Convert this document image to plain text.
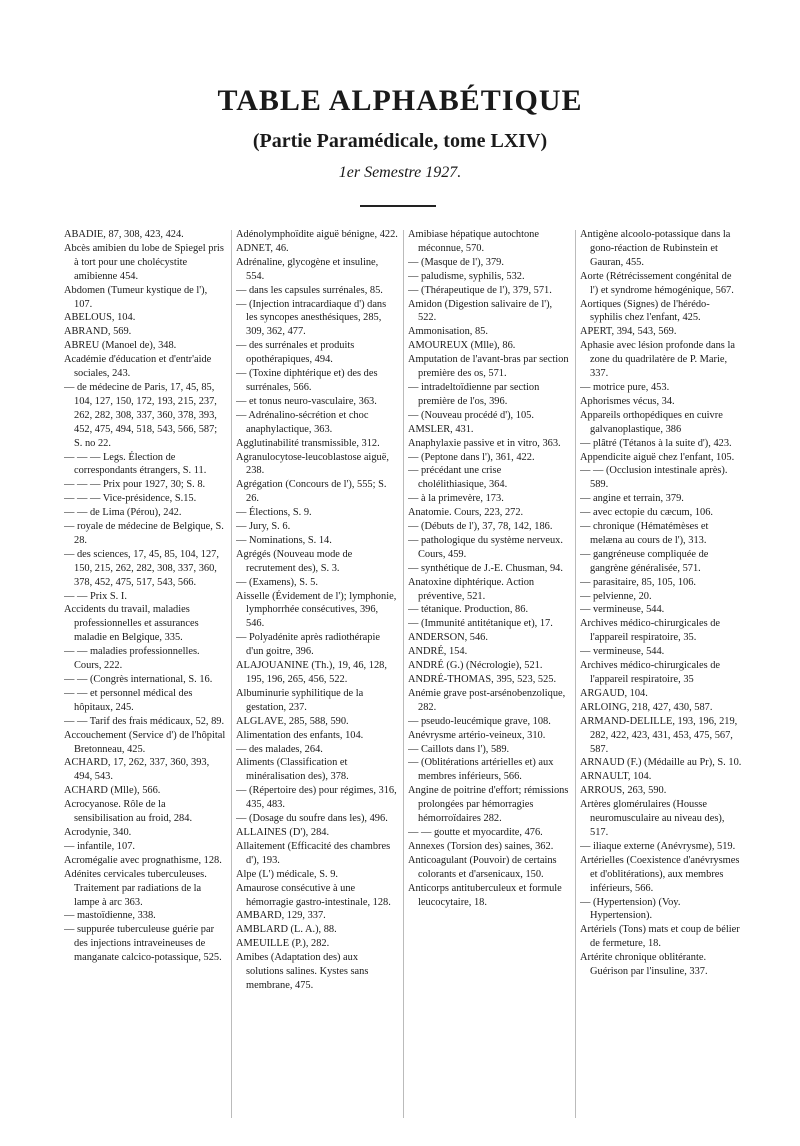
TABLE ALPHABÉTIQUE
(Partie Paramédicale, tome LXIV)
1er Semestre 1927.

ABADIE, 87, 308, 423, 424.

Abcès amibien du lobe de Spiegel pris à tort pour une cholécystite amibienne 454.

Abdomen (Tumeur kystique de l'), 107.

ABELOUS, 104.

ABRAND, 569.

ABREU (Manoel de), 348.

Académie d'éducation et d'entr'aide sociales, 243.

— de médecine de Paris, 17, 45, 85, 104, 127, 150, 172, 193, 215, 237, 262, 282, 308, 337, 360, 378, 393, 452, 475, 494, 518, 543, 566, 587; S. no 22.

— — — Legs. Élection de correspondants étrangers, S. 11.

— — — Prix pour 1927, 30; S. 8.

— — — Vice-présidence, S.15.

— — de Lima (Pérou), 242.

— royale de médecine de Belgique, S. 28.

— des sciences, 17, 45, 85, 104, 127, 150, 215, 262, 282, 308, 337, 360, 378, 452, 475, 517, 543, 566.

— — Prix S. I.

Accidents du travail, maladies professionnelles et assurances maladie en Belgique, 335.

— — maladies professionnelles. Cours, 222.

— — (Congrès international, S. 16.

— — et personnel médical des hôpitaux, 245.

— — Tarif des frais médicaux, 52, 89.

Accouchement (Service d') de l'hôpital Bretonneau, 425.

ACHARD, 17, 262, 337, 360, 393, 494, 543.

ACHARD (Mlle), 566.

Acrocyanose. Rôle de la sensibilisation au froid, 284.

Acrodynie, 340.

— infantile, 107.

Acromégalie avec prognathisme, 128.

Adénites cervicales tuberculeuses. Traitement par radiations de la lampe à arc 363.

— mastoïdienne, 338.

— suppurée tuberculeuse guérie par des injections intraveineuses de manganate calcico-potassique, 525.

Adénolymphoïdite aiguë bénigne, 422.

ADNET, 46.

Adrénaline, glycogène et insuline, 554.

— dans les capsules surrénales, 85.

— (Injection intracardiaque d') dans les syncopes anesthésiques, 285, 309, 362, 477.

— des surrénales et produits opothérapiques, 494.

— (Toxine diphtérique et) des des surrénales, 566.

— et tonus neuro-vasculaire, 363.

— Adrénalino-sécrétion et choc anaphylactique, 363.

Agglutinabilité transmissible, 312.

Agranulocytose-leucoblastose aiguë, 238.

Agrégation (Concours de l'), 555; S. 26.

— Élections, S. 9.

— Jury, S. 6.

— Nominations, S. 14.

Agrégés (Nouveau mode de recrutement des), S. 3.

— (Examens), S. 5.

Aisselle (Évidement de l'); lymphonie, lymphorrhée consécutives, 396, 546.

— Polyadénite après radiothérapie d'un goitre, 396.

ALAJOUANINE (Th.), 19, 46, 128, 195, 196, 265, 456, 522.

Albuminurie syphilitique de la gestation, 237.

ALGLAVE, 285, 588, 590.

Alimentation des enfants, 104.

— des malades, 264.

Aliments (Classification et minéralisation des), 378.

— (Répertoire des) pour régimes, 316, 435, 483.

— (Dosage du soufre dans les), 496.

ALLAINES (D'), 284.

Allaitement (Efficacité des chambres d'), 193.

Alpe (L') médicale, S. 9.

Amaurose consécutive à une hémorragie gastro-intestinale, 128.

AMBARD, 129, 337.

AMBLARD (L. A.), 88.

AMEUILLE (P.), 282.

Amibes (Adaptation des) aux solutions salines. Kystes sans membrane, 475.

Amibiase hépatique autochtone méconnue, 570.

— (Masque de l'), 379.

— paludisme, syphilis, 532.

— (Thérapeutique de l'), 379, 571.

Amidon (Digestion salivaire de l'), 522.

Ammonisation, 85.

AMOUREUX (Mlle), 86.

Amputation de l'avant-bras par section première des os, 571.

— intradeltoïdienne par section première de l'os, 396.

— (Nouveau procédé d'), 105.

AMSLER, 431.

Anaphylaxie passive et in vitro, 363.

— (Peptone dans l'), 361, 422.

— précédant une crise cholélithiasique, 364.

— à la primevère, 173.

Anatomie. Cours, 223, 272.

— (Débuts de l'), 37, 78, 142, 186.

— pathologique du système nerveux. Cours, 459.

— synthétique de J.-E. Chusman, 94.

Anatoxine diphtérique. Action préventive, 521.

— tétanique. Production, 86.

— (Immunité antitétanique et), 17.

ANDERSON, 546.

ANDRÉ, 154.

ANDRÉ (G.) (Nécrologie), 521.

ANDRÉ-THOMAS, 395, 523, 525.

Anémie grave post-arsénobenzolique, 282.

— pseudo-leucémique grave, 108.

Anévrysme artério-veineux, 310.

— Caillots dans l'), 589.

— (Oblitérations artérielles et) aux membres inférieurs, 566.

Angine de poitrine d'effort; rémissions prolongées par hémorragies hémorroïdaires 282.

— — goutte et myocardite, 476.

Annexes (Torsion des) saines, 362.

Anticoagulant (Pouvoir) de certains colorants et d'arsenicaux, 150.

Anticorps antituberculeux et formule leucocytaire, 18.

Antigène alcoolo-potassique dans la gono-réaction de Rubinstein et Gauran, 455.

Aorte (Rétrécissement congénital de l') et syndrome hémogénique, 567.

Aortiques (Signes) de l'hérédo-syphilis chez l'enfant, 425.

APERT, 394, 543, 569.

Aphasie avec lésion profonde dans la zone du quadrilatère de P. Marie, 337.

— motrice pure, 453.

Aphorismes vécus, 34.

Appareils orthopédiques en cuivre galvanoplastique, 386

— plâtré (Tétanos à la suite d'), 423.

Appendicite aiguë chez l'enfant, 105.

— — (Occlusion intestinale après). 589.

— angine et terrain, 379.

— avec ectopie du cæcum, 106.

— chronique (Hématémèses et melæna au cours de l'), 313.

— gangréneuse compliquée de gangrène généralisée, 571.

— parasitaire, 85, 105, 106.

— pelvienne, 20.

— vermineuse, 544.

Archives médico-chirurgicales de l'appareil respiratoire, 35.

— vermineuse, 544.

Archives médico-chirurgicales de l'appareil respiratoire, 35

ARGAUD, 104.

ARLOING, 218, 427, 430, 587.

ARMAND-DELILLE, 193, 196, 219, 282, 422, 423, 431, 453, 475, 567, 587.

ARNAUD (F.) (Médaille au Pr), S. 10.

ARNAULT, 104.

ARROUS, 263, 590.

Artères glomérulaires (Housse neuromusculaire au niveau des), 517.

— iliaque externe (Anévrysme), 519.

Artérielles (Coexistence d'anévrysmes et d'oblitérations), aux membres inférieurs, 566.

— (Hypertension) (Voy. Hypertension).

Artériels (Tons) mats et coup de bélier de fermeture, 18.

Artérite chronique oblitérante. Guérison par l'insuline, 337.
